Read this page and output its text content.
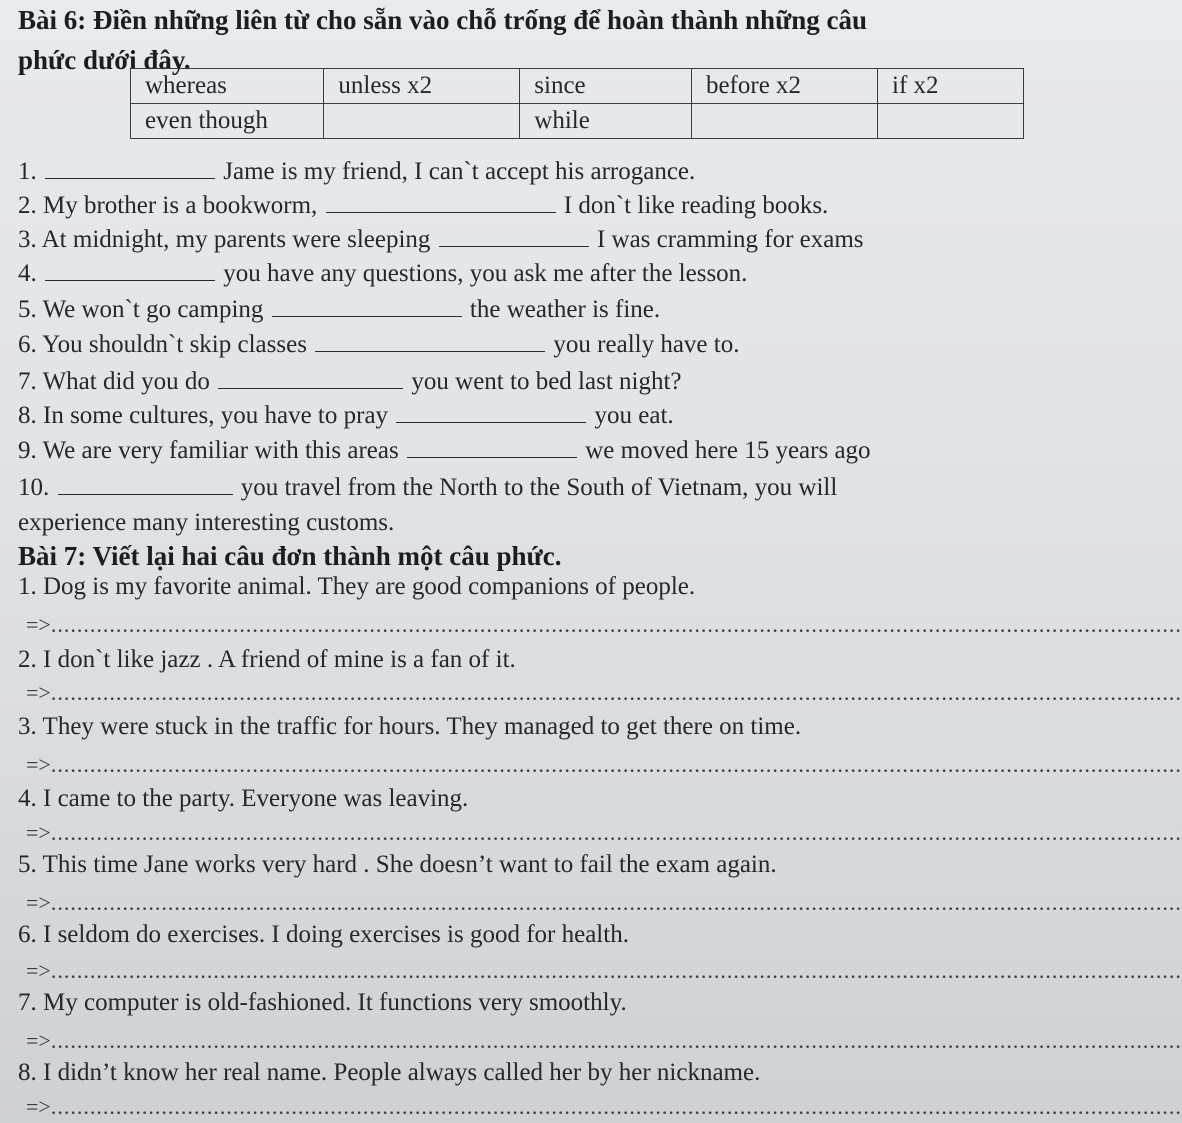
Bài 6: Điền những liên từ cho sẵn vào chỗ trống để hoàn thành những câu
phức dưới đây.
whereas	unless x2	since	before x2	if x2
even though		while		
1.	Jame is my friend, I can`t accept his arrogance.
2. My brother is a bookworm,	I don`t like reading books.
3. At midnight, my parents were sleeping	I was cramming for exams
4.	you have any questions, you ask me after the lesson.
5. We won`t go camping	the weather is fine.
6. You shouldn`t skip classes	you really have to.
7. What did you do	you went to bed last night?
8. In some cultures, you have to pray	you eat.
9. We are very familiar with this areas	we moved here 15 years ago
10.	you travel from the North to the South of Vietnam, you will
experience many interesting customs.
Bài 7: Viết lại hai câu đơn thành một câu phức.
1. Dog is my favorite animal. They are good companions of people.
=>..............................................................................................................................................................................
2. I don`t like jazz . A friend of mine is a fan of it.
=>..............................................................................................................................................................................
3. They were stuck in the traffic for hours. They managed to get there on time.
=>..............................................................................................................................................................................
4. I came to the party. Everyone was leaving.
=>..............................................................................................................................................................................
5. This time Jane works very hard . She doesn’t want to fail the exam again.
=>..............................................................................................................................................................................
6. I seldom do exercises. I doing exercises is good for health.
=>..............................................................................................................................................................................
7. My computer is old-fashioned. It functions very smoothly.
=>..............................................................................................................................................................................
8. I didn’t know her real name. People always called her by her nickname.
=>..............................................................................................................................................................................
